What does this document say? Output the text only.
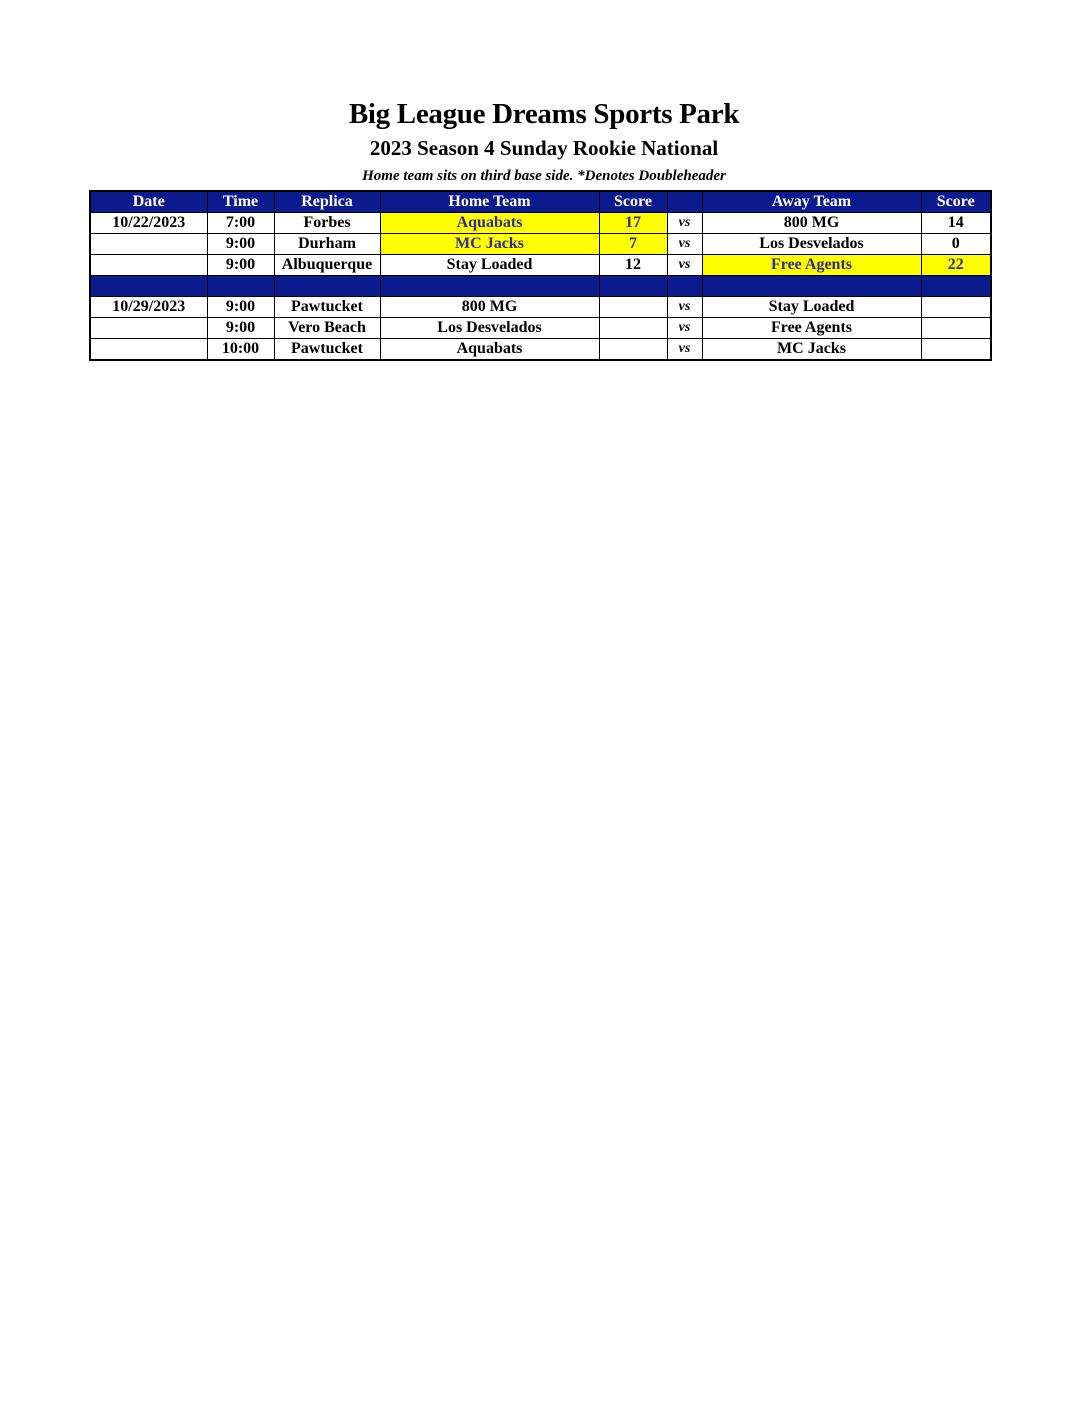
Big League Dreams Sports Park
2023 Season 4 Sunday Rookie National
Home team sits on third base side. *Denotes Doubleheader
Date	Time	Replica	Home Team	Score		Away Team	Score
10/22/2023	7:00	Forbes	Aquabats	17	vs	800 MG	14
	9:00	Durham	MC Jacks	7	vs	Los Desvelados	0
	9:00	Albuquerque	Stay Loaded	12	vs	Free Agents	22

10/29/2023	9:00	Pawtucket	800 MG		vs	Stay Loaded	
	9:00	Vero Beach	Los Desvelados		vs	Free Agents	
	10:00	Pawtucket	Aquabats		vs	MC Jacks	
